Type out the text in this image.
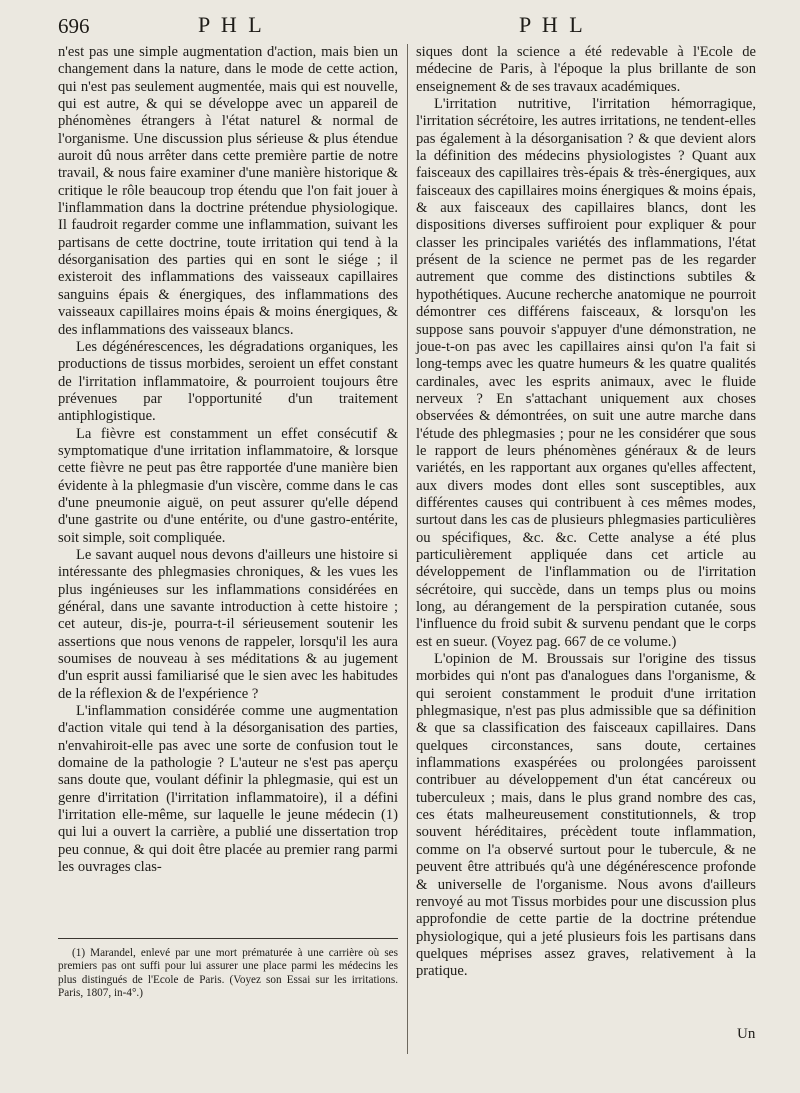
696	P H L	P H L

n'est pas une simple augmentation d'action, mais bien un changement dans la nature, dans le mode de cette action, qui n'est pas seulement augmentée, mais qui est nouvelle, qui est autre, & qui se développe avec un appareil de phénomènes étrangers à l'état naturel & normal de l'organisme. Une discussion plus sérieuse & plus étendue auroit dû nous arrêter dans cette première partie de notre travail, & nous faire examiner d'une manière historique & critique le rôle beaucoup trop étendu que l'on fait jouer à l'inflammation dans la doctrine prétendue physiologique. Il faudroit regarder comme une inflammation, suivant les partisans de cette doctrine, toute irritation qui tend à la désorganisation des parties qui en sont le siége ; il existeroit des inflammations des vaisseaux capillaires sanguins épais & énergiques, des inflammations des vaisseaux capillaires moins épais & moins énergiques, & des inflammations des vaisseaux blancs.

Les dégénérescences, les dégradations organiques, les productions de tissus morbides, seroient un effet constant de l'irritation inflammatoire, & pourroient toujours être prévenues par l'opportunité d'un traitement antiphlogistique.

La fièvre est constamment un effet consécutif & symptomatique d'une irritation inflammatoire, & lorsque cette fièvre ne peut pas être rapportée d'une manière bien évidente à la phlegmasie d'un viscère, comme dans le cas d'une pneumonie aiguë, on peut assurer qu'elle dépend d'une gastrite ou d'une entérite, ou d'une gastro-entérite, soit simple, soit compliquée.

Le savant auquel nous devons d'ailleurs une histoire si intéressante des phlegmasies chroniques, & les vues les plus ingénieuses sur les inflammations considérées en général, dans une savante introduction à cette histoire ; cet auteur, dis-je, pourra-t-il sérieusement soutenir les assertions que nous venons de rappeler, lorsqu'il les aura soumises de nouveau à ses méditations & au jugement d'un esprit aussi familiarisé que le sien avec les habitudes de la réflexion & de l'expérience ?

L'inflammation considérée comme une augmentation d'action vitale qui tend à la désorganisation des parties, n'envahiroit-elle pas avec une sorte de confusion tout le domaine de la pathologie ? L'auteur ne s'est pas aperçu sans doute que, voulant définir la phlegmasie, qui est un genre d'irritation (l'irritation inflammatoire), il a défini l'irritation elle-même, sur laquelle le jeune médecin (1) qui lui a ouvert la carrière, a publié une dissertation trop peu connue, & qui doit être placée au premier rang parmi les ouvrages clas-

siques dont la science a été redevable à l'Ecole de médecine de Paris, à l'époque la plus brillante de son enseignement & de ses travaux académiques.

L'irritation nutritive, l'irritation hémorragique, l'irritation sécrétoire, les autres irritations, ne tendent-elles pas également à la désorganisation ? & que devient alors la définition des médecins physiologistes ? Quant aux faisceaux des capillaires très-épais & très-énergiques, aux faisceaux des capillaires moins énergiques & moins épais, & aux faisceaux des capillaires blancs, dont les dispositions diverses suffiroient pour expliquer & pour classer les principales variétés des inflammations, l'état présent de la science ne permet pas de les regarder autrement que comme des distinctions subtiles & hypothétiques. Aucune recherche anatomique ne pourroit démontrer ces différens faisceaux, & lorsqu'on les suppose sans pouvoir s'appuyer d'une démonstration, ne joue-t-on pas avec les capillaires ainsi qu'on l'a fait si long-temps avec les quatre humeurs & les quatre qualités cardinales, avec les esprits animaux, avec le fluide nerveux ? En s'attachant uniquement aux choses observées & démontrées, on suit une autre marche dans l'étude des phlegmasies ; pour ne les considérer que sous le rapport de leurs phénomènes généraux & de leurs variétés, en les rapportant aux organes qu'elles affectent, aux divers modes dont elles sont susceptibles, aux différentes causes qui contribuent à ces mêmes modes, surtout dans les cas de plusieurs phlegmasies particulières ou spécifiques, &c. &c. Cette analyse a été plus particulièrement appliquée dans cet article au développement de l'inflammation ou de l'irritation sécrétoire, qui succède, dans un temps plus ou moins long, au dérangement de la perspiration cutanée, sous l'influence du froid subit & survenu pendant que le corps est en sueur. (Voyez pag. 667 de ce volume.)

L'opinion de M. Broussais sur l'origine des tissus morbides qui n'ont pas d'analogues dans l'organisme, & qui seroient constamment le produit d'une irritation phlegmasique, n'est pas plus admissible que sa définition & que sa classification des faisceaux capillaires. Dans quelques circonstances, sans doute, certaines inflammations exaspérées ou prolongées paroissent contribuer au développement d'un état cancéreux ou tuberculeux ; mais, dans le plus grand nombre des cas, ces états malheureusement constitutionnels, & trop souvent héréditaires, précèdent toute inflammation, comme on l'a observé surtout pour le tubercule, & ne peuvent être attribués qu'à une dégénérescence profonde & universelle de l'organisme. Nous avons d'ailleurs renvoyé au mot Tissus morbides pour une discussion plus approfondie de cette partie de la doctrine prétendue physiologique, qui a jeté plusieurs fois les partisans dans quelques méprises assez graves, relativement à la pratique.

(1) Marandel, enlevé par une mort prématurée à une carrière où ses premiers pas ont suffi pour lui assurer une place parmi les médecins les plus distingués de l'Ecole de Paris. (Voyez son Essai sur les irritations. Paris, 1807, in-4°.)

Un
